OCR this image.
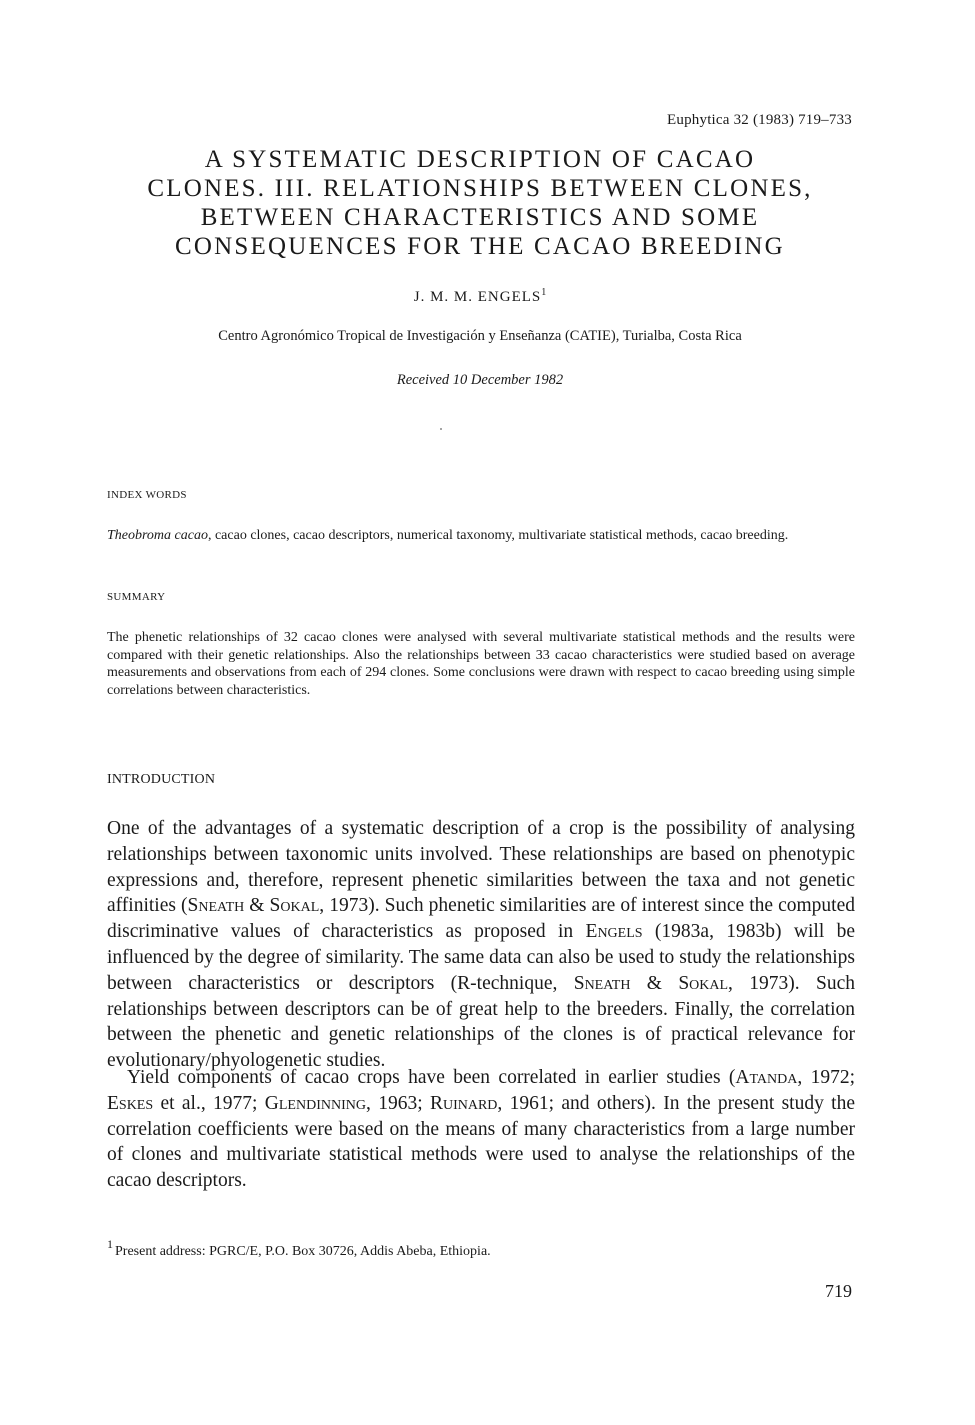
Euphytica 32 (1983) 719–733
A SYSTEMATIC DESCRIPTION OF CACAO
CLONES. III. RELATIONSHIPS BETWEEN CLONES,
BETWEEN CHARACTERISTICS AND SOME
CONSEQUENCES FOR THE CACAO BREEDING
J. M. M. ENGELS$^1$
Centro Agronómico Tropical de Investigación y Enseñanza (CATIE), Turialba, Costa Rica
Received 10 December 1982
INDEX WORDS
Theobroma cacao, cacao clones, cacao descriptors, numerical taxonomy, multivariate statistical methods, cacao breeding.
SUMMARY
The phenetic relationships of 32 cacao clones were analysed with several multivariate statistical methods and the results were compared with their genetic relationships. Also the relationships between 33 cacao characteristics were studied based on average measurements and observations from each of 294 clones. Some conclusions were drawn with respect to cacao breeding using simple correlations between characteristics.
INTRODUCTION

One of the advantages of a systematic description of a crop is the possibility of analysing relationships between taxonomic units involved. These relationships are based on phenotypic expressions and, therefore, represent phenetic similarities between the taxa and not genetic affinities (Sneath & Sokal, 1973). Such phenetic similarities are of interest since the computed discriminative values of characteristics as proposed in Engels (1983a, 1983b) will be influenced by the degree of similarity. The same data can also be used to study the relationships between characteristics or descriptors (R-technique, Sneath & Sokal, 1973). Such relationships between descriptors can be of great help to the breeders. Finally, the correlation between the phenetic and genetic relationships of the clones is of practical relevance for evolutionary/phyologenetic studies.

Yield components of cacao crops have been correlated in earlier studies (Atanda, 1972; Eskes et al., 1977; Glendinning, 1963; Ruinard, 1961; and others). In the present study the correlation coefficients were based on the means of many characteristics from a large number of clones and multivariate statistical methods were used to analyse the relationships of the cacao descriptors.

$^1$ Present address: PGRC/E, P.O. Box 30726, Addis Abeba, Ethiopia.
719
